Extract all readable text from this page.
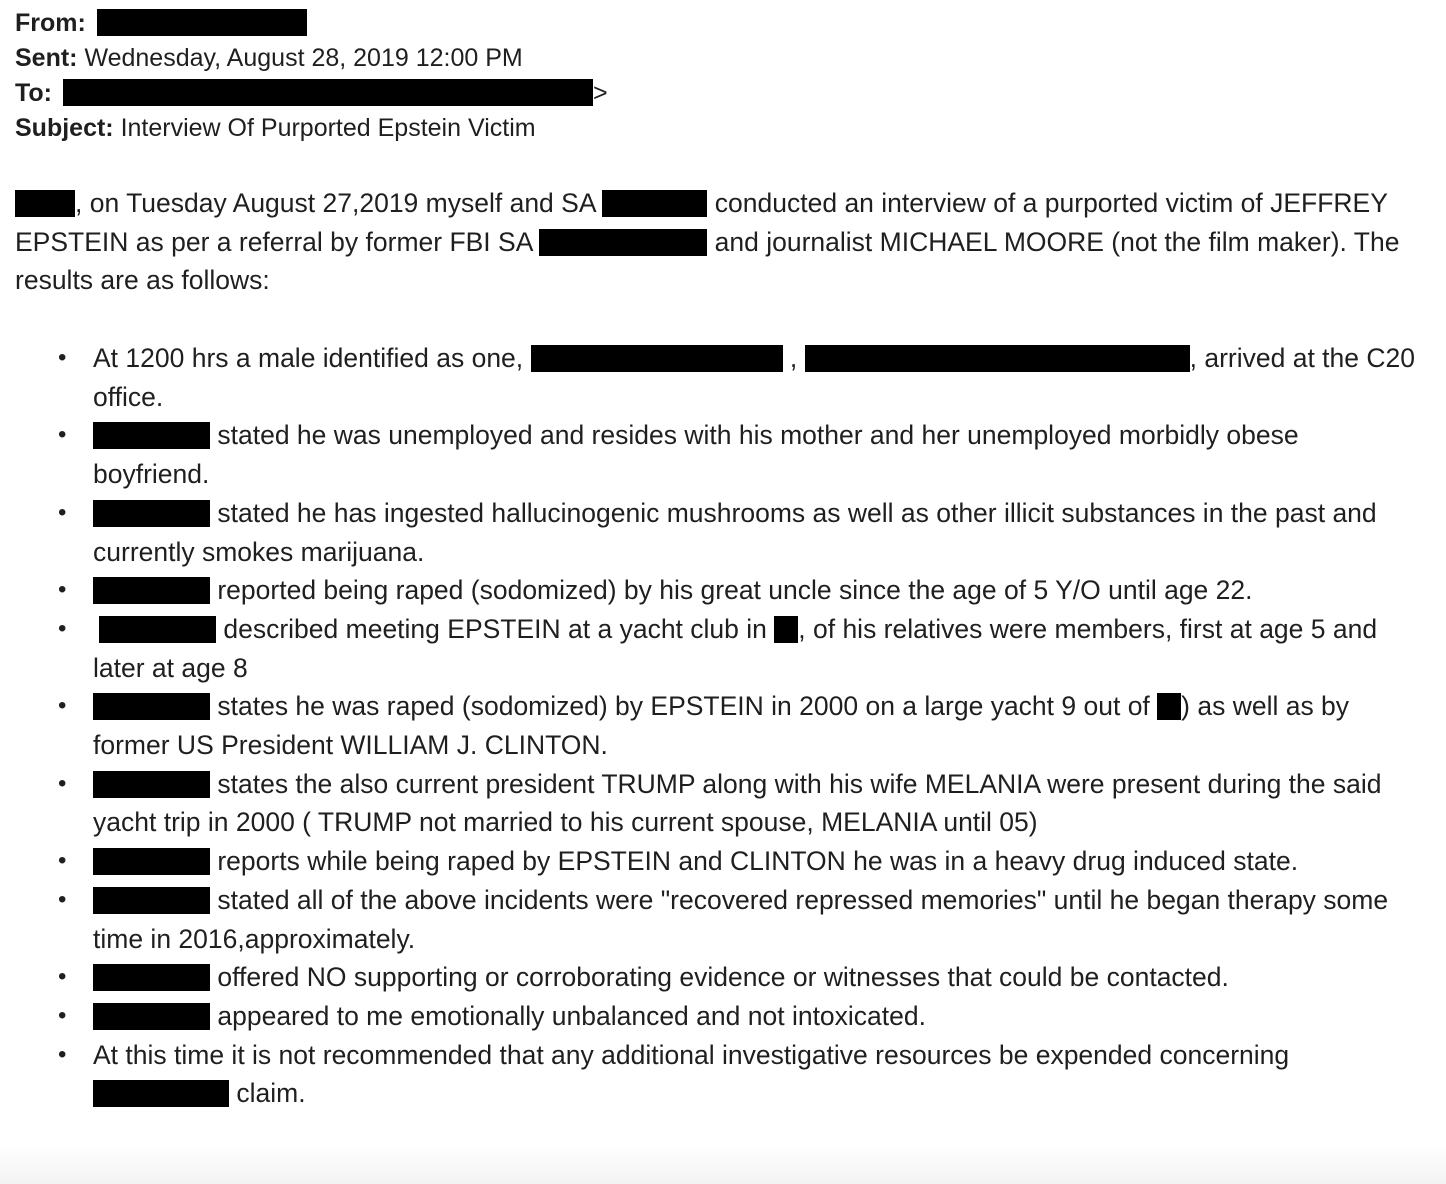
From:
Sent: Wednesday, August 28, 2019 12:00 PM
To:	>
Subject: Interview Of Purported Epstein Victim

, on Tuesday August 27,2019 myself and SA	conducted an interview of a purported victim of JEFFREY EPSTEIN as per a referral by former FBI SA	and journalist MICHAEL MOORE (not the film maker). The results are as follows:

• At 1200 hrs a male identified as one,	,	, arrived at the C20 office.
• stated he was unemployed and resides with his mother and her unemployed morbidly obese boyfriend.
• stated he has ingested hallucinogenic mushrooms as well as other illicit substances in the past and currently smokes marijuana.
• reported being raped (sodomized) by his great uncle since the age of 5 Y/O until age 22.
• described meeting EPSTEIN at a yacht club in , of his relatives were members, first at age 5 and later at age 8
• states he was raped (sodomized) by EPSTEIN in 2000 on a large yacht 9 out of ) as well as by former US President WILLIAM J. CLINTON.
• states the also current president TRUMP along with his wife MELANIA were present during the said yacht trip in 2000 ( TRUMP not married to his current spouse, MELANIA until 05)
• reports while being raped by EPSTEIN and CLINTON he was in a heavy drug induced state.
• stated all of the above incidents were "recovered repressed memories" until he began therapy some time in 2016,approximately.
• offered NO supporting or corroborating evidence or witnesses that could be contacted.
• appeared to me emotionally unbalanced and not intoxicated.
• At this time it is not recommended that any additional investigative resources be expended concerning  claim.
